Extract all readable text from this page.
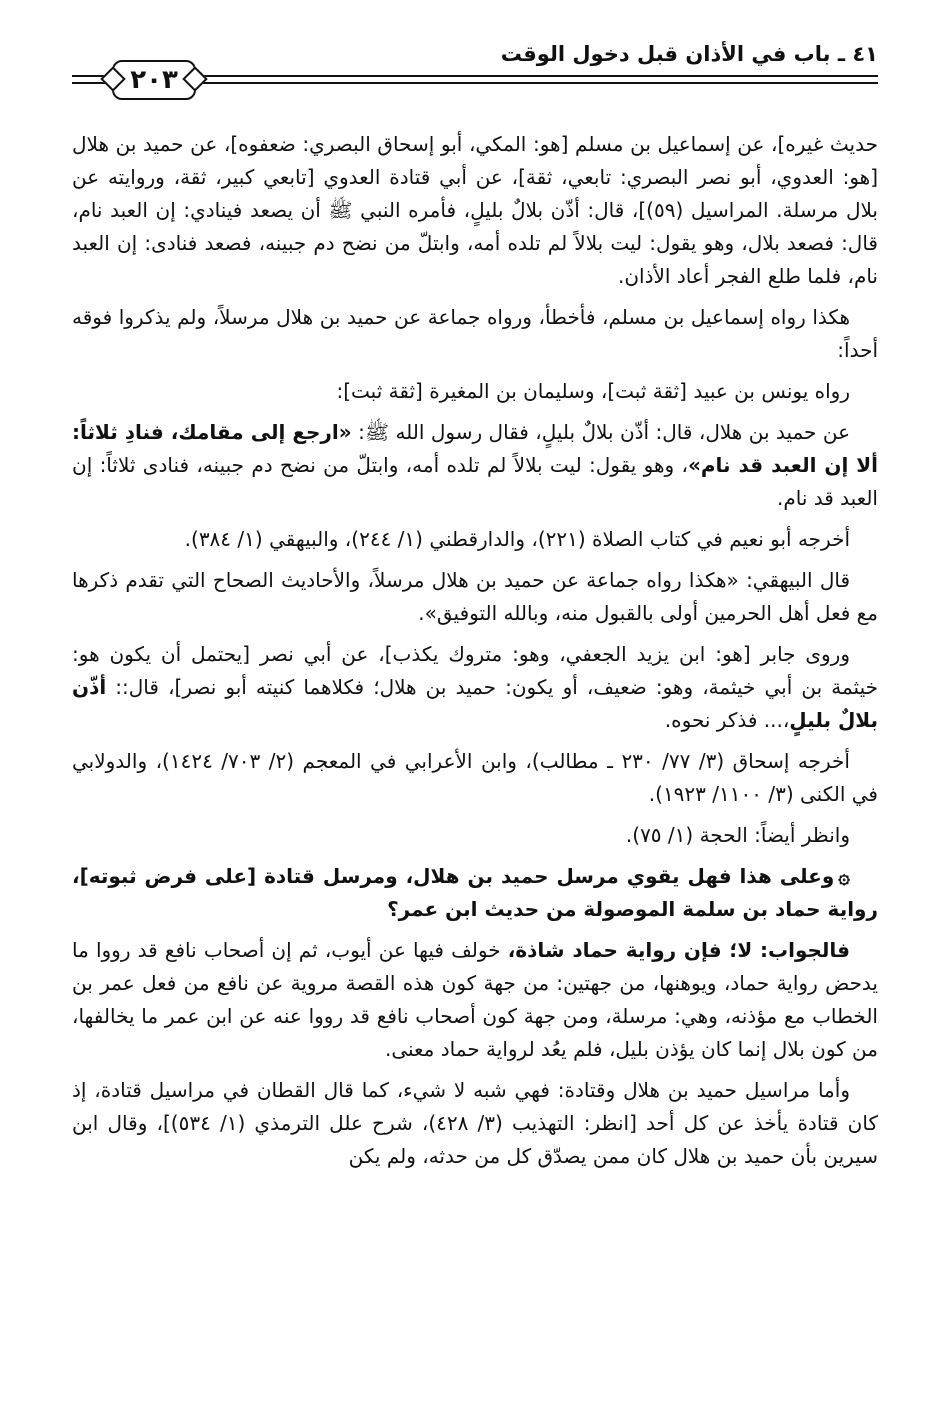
٤١ ـ باب في الأذان قبل دخول الوقت
٢٠٣

حديث غيره]، عن إسماعيل بن مسلم [هو: المكي، أبو إسحاق البصري: ضعفوه]، عن حميد بن هلال [هو: العدوي، أبو نصر البصري: تابعي، ثقة]، عن أبي قتادة العدوي [تابعي كبير، ثقة، وروايته عن بلال مرسلة. المراسيل (٥٩)]، قال: أذّن بلالٌ بليلٍ، فأمره النبي ﷺ أن يصعد فينادي: إن العبد نام، قال: فصعد بلال، وهو يقول: ليت بلالاً لم تلده أمه، وابتلّ من نضح دم جبينه، فصعد فنادى: إن العبد نام، فلما طلع الفجر أعاد الأذان.

هكذا رواه إسماعيل بن مسلم، فأخطأ، ورواه جماعة عن حميد بن هلال مرسلاً، ولم يذكروا فوقه أحداً:

رواه يونس بن عبيد [ثقة ثبت]، وسليمان بن المغيرة [ثقة ثبت]:

عن حميد بن هلال، قال: أذّن بلالٌ بليلٍ، فقال رسول الله ﷺ: «ارجع إلى مقامك، فنادِ ثلاثاً: ألا إن العبد قد نام»، وهو يقول: ليت بلالاً لم تلده أمه، وابتلّ من نضح دم جبينه، فنادى ثلاثاً: إن العبد قد نام.

أخرجه أبو نعيم في كتاب الصلاة (٢٢١)، والدارقطني (١/ ٢٤٤)، والبيهقي (١/ ٣٨٤).

قال البيهقي: «هكذا رواه جماعة عن حميد بن هلال مرسلاً، والأحاديث الصحاح التي تقدم ذكرها مع فعل أهل الحرمين أولى بالقبول منه، وبالله التوفيق».

وروى جابر [هو: ابن يزيد الجعفي، وهو: متروك يكذب]، عن أبي نصر [يحتمل أن يكون هو: خيثمة بن أبي خيثمة، وهو: ضعيف، أو يكون: حميد بن هلال؛ فكلاهما كنيته أبو نصر]، قال:: أذّن بلالٌ بليلٍ،... فذكر نحوه.

أخرجه إسحاق (٣/ ٧٧/ ٢٣٠ ـ مطالب)، وابن الأعرابي في المعجم (٢/ ٧٠٣/ ١٤٢٤)، والدولابي في الكنى (٣/ ١١٠٠/ ١٩٢٣).

وانظر أيضاً: الحجة (١/ ٧٥).

۞وعلى هذا فهل يقوي مرسل حميد بن هلال، ومرسل قتادة [على فرض ثبوته]، رواية حماد بن سلمة الموصولة من حديث ابن عمر؟

فالجواب: لا؛ فإن رواية حماد شاذة، خولف فيها عن أيوب، ثم إن أصحاب نافع قد رووا ما يدحض رواية حماد، ويوهنها، من جهتين: من جهة كون هذه القصة مروية عن نافع من فعل عمر بن الخطاب مع مؤذنه، وهي: مرسلة، ومن جهة كون أصحاب نافع قد رووا عنه عن ابن عمر ما يخالفها، من كون بلال إنما كان يؤذن بليل، فلم يعُد لرواية حماد معنى.

وأما مراسيل حميد بن هلال وقتادة: فهي شبه لا شيء، كما قال القطان في مراسيل قتادة، إذ كان قتادة يأخذ عن كل أحد [انظر: التهذيب (٣/ ٤٢٨)، شرح علل الترمذي (١/ ٥٣٤)]، وقال ابن سيرين بأن حميد بن هلال كان ممن يصدّق كل من حدثه، ولم يكن
